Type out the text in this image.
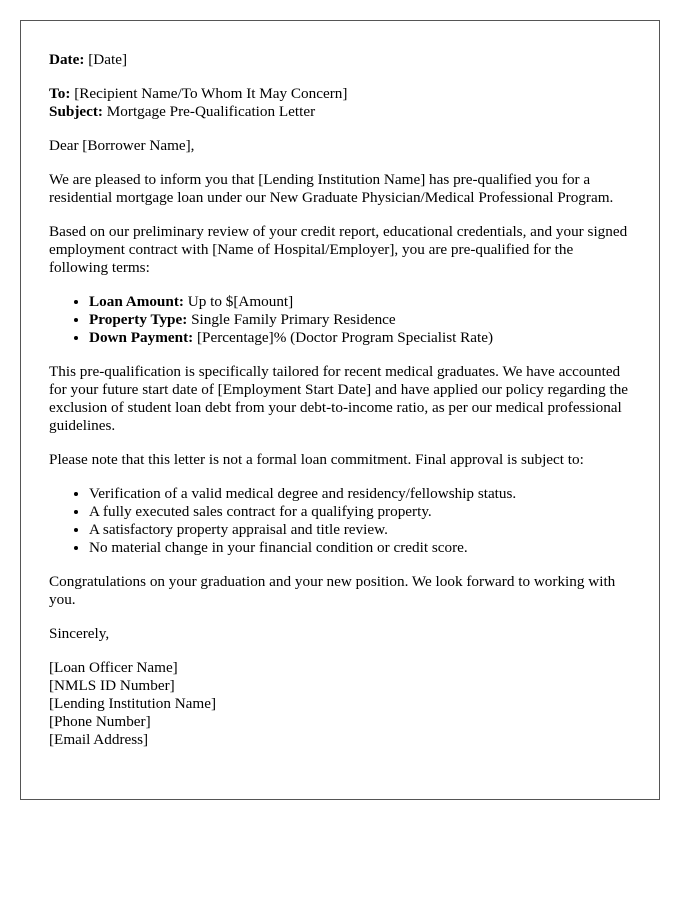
Date: [Date]

To: [Recipient Name/To Whom It May Concern]

Subject: Mortgage Pre-Qualification Letter

Dear [Borrower Name],

We are pleased to inform you that [Lending Institution Name] has pre-qualified you for a residential mortgage loan under our New Graduate Physician/Medical Professional Program.

Based on our preliminary review of your credit report, educational credentials, and your signed employment contract with [Name of Hospital/Employer], you are pre-qualified for the following terms:

• Loan Amount: Up to $[Amount]
• Property Type: Single Family Primary Residence
• Down Payment: [Percentage]% (Doctor Program Specialist Rate)

This pre-qualification is specifically tailored for recent medical graduates. We have accounted for your future start date of [Employment Start Date] and have applied our policy regarding the exclusion of student loan debt from your debt-to-income ratio, as per our medical professional guidelines.

Please note that this letter is not a formal loan commitment. Final approval is subject to:

• Verification of a valid medical degree and residency/fellowship status.
• A fully executed sales contract for a qualifying property.
• A satisfactory property appraisal and title review.
• No material change in your financial condition or credit score.

Congratulations on your graduation and your new position. We look forward to working with you.

Sincerely,

[Loan Officer Name]
[NMLS ID Number]
[Lending Institution Name]
[Phone Number]
[Email Address]
